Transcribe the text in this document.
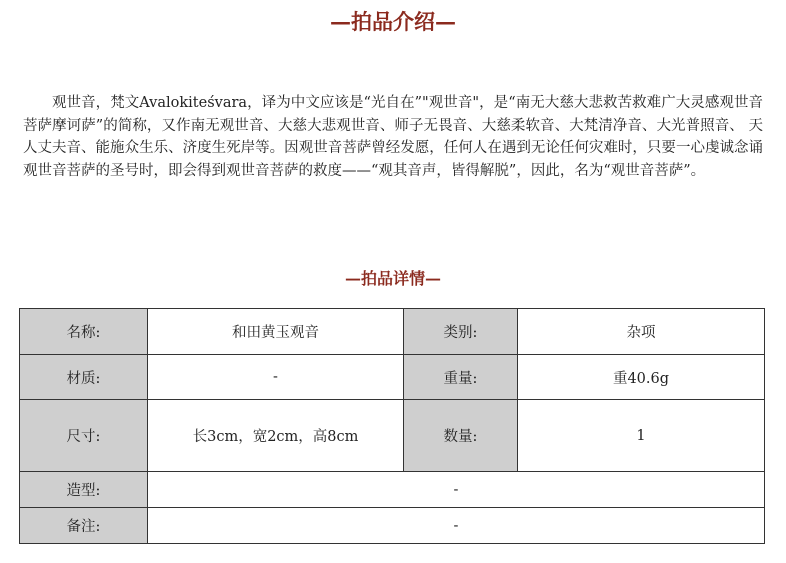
—拍品介绍—

观世音，梵文Avalokiteśvara，译为中文应该是“光自在”"观世音"，是“南无大慈大悲救苦救难广大灵感观世音菩萨摩诃萨”的简称，又作南无观世音、大慈大悲观世音、师子无畏音、大慈柔软音、大梵清净音、大光普照音、 天人丈夫音、能施众生乐、济度生死岸等。因观世音菩萨曾经发愿，任何人在遇到无论任何灾难时，只要一心虔诚念诵观世音菩萨的圣号时，即会得到观世音菩萨的救度——“观其音声，皆得解脱”，因此，名为“观世音菩萨”。

—拍品详情—
名称:	和田黄玉观音	类别:	杂项
材质:	-	重量:	重40.6g
尺寸:	长3cm，宽2cm，高8cm	数量:	1
造型:	-		
备注:	-		
